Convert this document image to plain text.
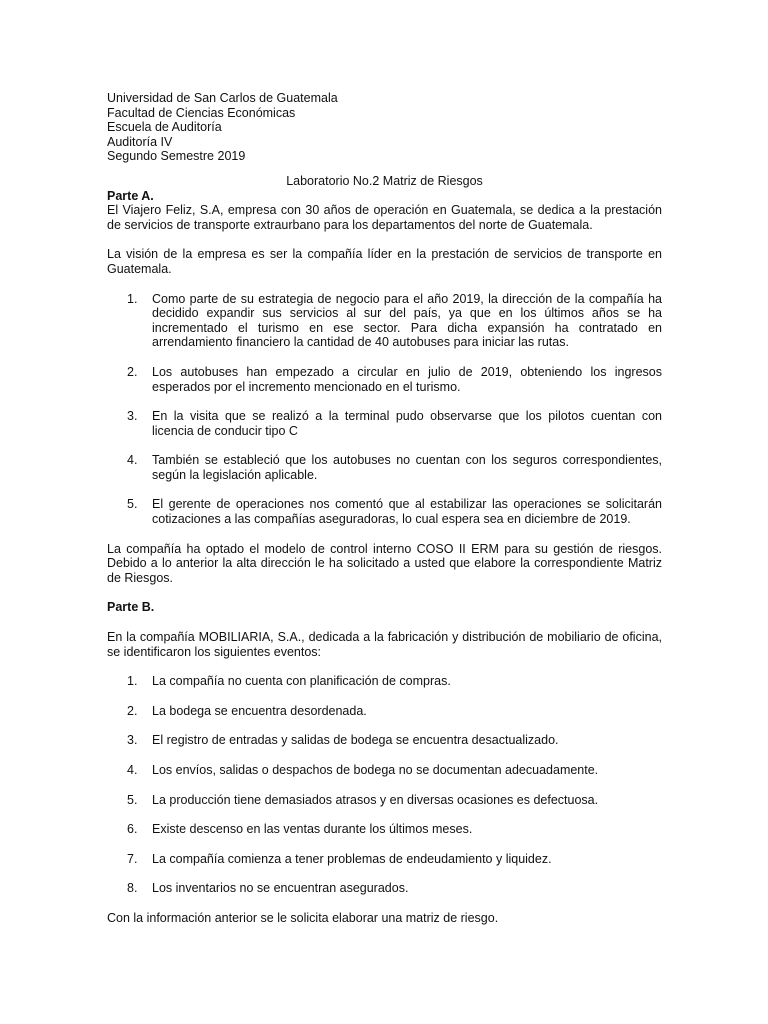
Universidad de San Carlos de Guatemala
Facultad de Ciencias Económicas
Escuela de Auditoría
Auditoría IV
Segundo Semestre 2019
Laboratorio No.2 Matriz de Riesgos
Parte A.

El Viajero Feliz, S.A, empresa con 30 años de operación en Guatemala, se dedica a la prestación de servicios de transporte extraurbano para los departamentos del norte de Guatemala.

La visión de la empresa es ser la compañía líder en la prestación de servicios de transporte en Guatemala.

1. Como parte de su estrategia de negocio para el año 2019, la dirección de la compañía ha decidido expandir sus servicios al sur del país, ya que en los últimos años se ha incrementado el turismo en ese sector. Para dicha expansión ha contratado en arrendamiento financiero la cantidad de 40 autobuses para iniciar las rutas.
2. Los autobuses han empezado a circular en julio de 2019, obteniendo los ingresos esperados por el incremento mencionado en el turismo.
3. En la visita que se realizó a la terminal pudo observarse que los pilotos cuentan con licencia de conducir tipo C
4. También se estableció que los autobuses no cuentan con los seguros correspondientes, según la legislación aplicable.
5. El gerente de operaciones nos comentó que al estabilizar las operaciones se solicitarán cotizaciones a las compañías aseguradoras, lo cual espera sea en diciembre de 2019.

La compañía ha optado el modelo de control interno COSO II ERM para su gestión de riesgos. Debido a lo anterior la alta dirección le ha solicitado a usted que elabore la correspondiente Matriz de Riesgos.

Parte B.

En la compañía MOBILIARIA, S.A., dedicada a la fabricación y distribución de mobiliario de oficina, se identificaron los siguientes eventos:

1. La compañía no cuenta con planificación de compras.
2. La bodega se encuentra desordenada.
3. El registro de entradas y salidas de bodega se encuentra desactualizado.
4. Los envíos, salidas o despachos de bodega no se documentan adecuadamente.
5. La producción tiene demasiados atrasos y en diversas ocasiones es defectuosa.
6. Existe descenso en las ventas durante los últimos meses.
7. La compañía comienza a tener problemas de endeudamiento y liquidez.
8. Los inventarios no se encuentran asegurados.

Con la información anterior se le solicita elaborar una matriz de riesgo.
